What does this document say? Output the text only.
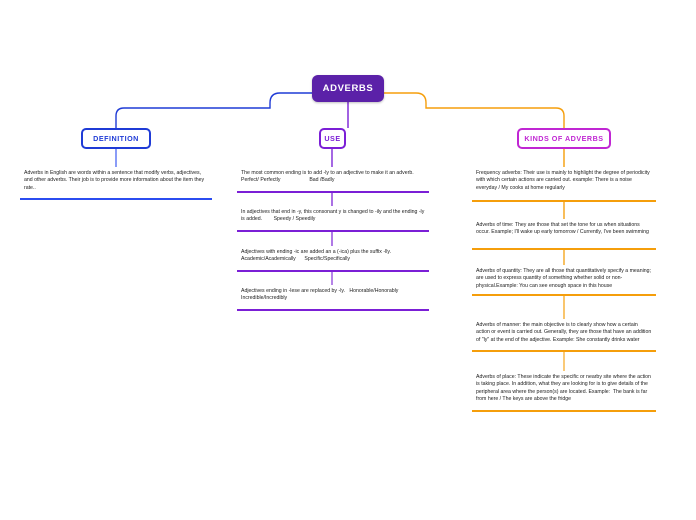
ADVERBS
DEFINITION
Adverbs in English are words within a sentence that modify verbs, adjectives, and other adverbs. Their job is to provide more information about the item they rate..
USE
The most common ending is to add -ly to an adjective to make it an adverb.    Perfect/ Perfectly                    Bad /Badly
In adjectives that end in -y, this consonant y is changed to -ily and the ending -ly is added.        Speedy / Speedily
Adjectives with ending -ic are added an a (-ica) plus the suffix -lly.     Academic/Academically      Specific/Specifically
Adjectives ending in -lese are replaced by -ly.   Honorable/Honorably        Incredible/Incredibly
KINDS OF ADVERBS
Frequency adverbs: Their use is mainly to highlight the degree of periodicity with which certain actions are carried out. example: There is a noise everyday / My cooks at home regularly
Adverbs of time: They are those that set the tone for us when situations occur. Example; I'll wake up early tomorrow / Currently, I've been swimming
Adverbs of quantity: They are all those that quantitatively specify a meaning; are used to express quantity of something whether solid or non-physical.Example: You can see enough space in this house
Adverbs of manner: the main objective is to clearly show how a certain action or event is carried out. Generally, they are those that have an addition of "ly" at the end of the adjective. Example: She constantly drinks water
Adverbs of place: These indicate the specific or nearby site where the action is taking place. In addition, what they are looking for is to give details of the peripheral area where the person(s) are located. Example:  The bank is far from here / The keys are above the fridge
